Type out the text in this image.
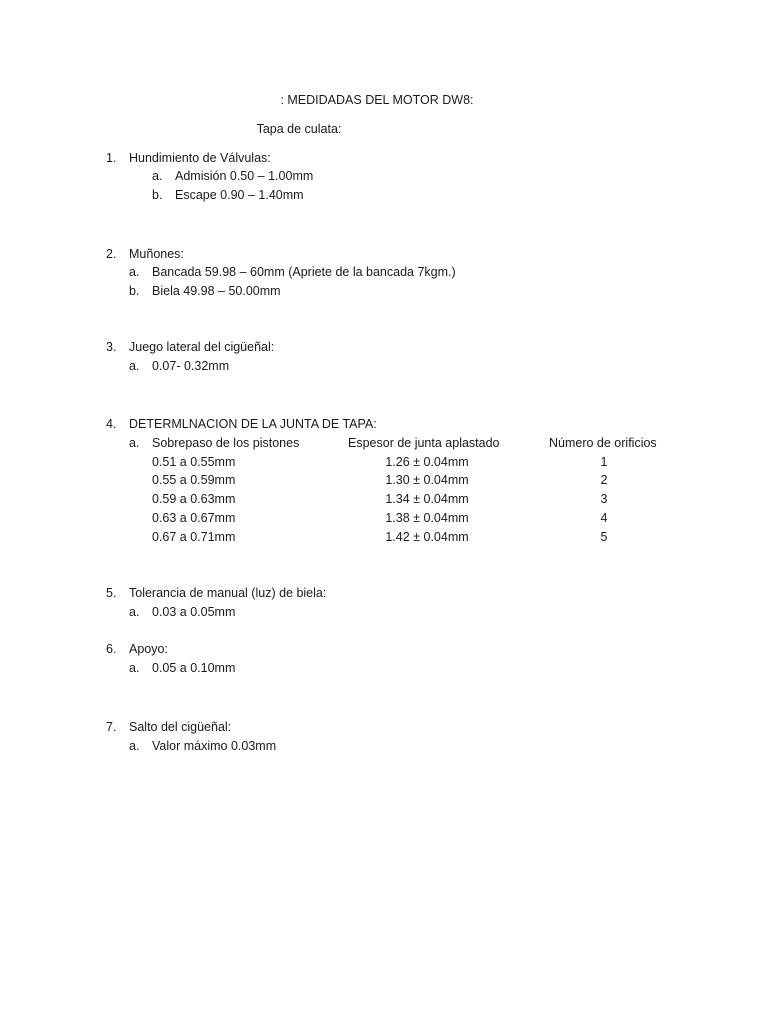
: MEDIDADAS DEL MOTOR DW8:
Tapa de culata:
1. Hundimiento de Válvulas:
a. Admisión 0.50 – 1.00mm
b. Escape 0.90 – 1.40mm
2. Muñones:
a. Bancada 59.98 – 60mm (Apriete de la bancada 7kgm.)
b. Biela 49.98 – 50.00mm
3. Juego lateral del cigüeñal:
a. 0.07- 0.32mm
4. DETERMLNACION DE LA JUNTA DE TAPA:
a. Sobrepaso de los pistones	Espesor de junta aplastado	Número de orificios
0.51 a 0.55mm	1.26 ± 0.04mm	1
0.55 a 0.59mm	1.30 ± 0.04mm	2
0.59 a 0.63mm	1.34 ± 0.04mm	3
0.63 a 0.67mm	1.38 ± 0.04mm	4
0.67 a 0.71mm	1.42 ± 0.04mm	5
5. Tolerancia de manual (luz) de biela:
a. 0.03 a 0.05mm
6. Apoyo:
a. 0.05 a 0.10mm
7. Salto del cigüeñal:
a. Valor máximo 0.03mm
